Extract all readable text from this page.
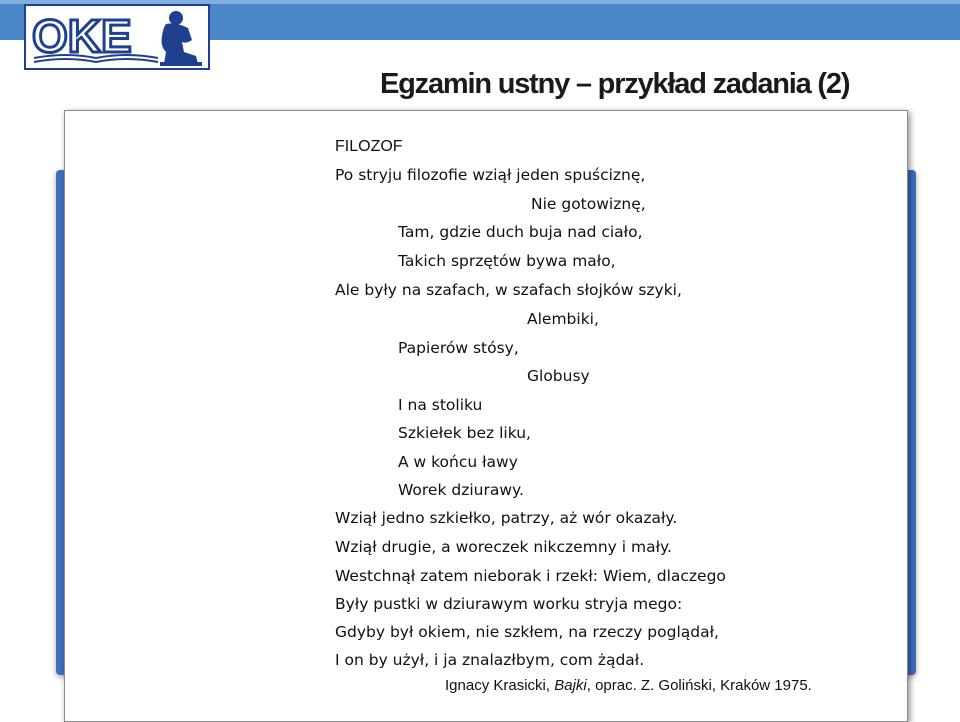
OKE
Egzamin ustny – przykład zadania (2)
FILOZOF
Po stryju filozofie wziął jeden spuściznę,
Nie gotowiznę,
Tam, gdzie duch buja nad ciało,
Takich sprzętów bywa mało,
Ale były na szafach, w szafach słojków szyki,
Alembiki,
Papierów stósy,
Globusy
I na stoliku
Szkiełek bez liku,
A w końcu ławy
Worek dziurawy.
Wziął jedno szkiełko, patrzy, aż wór okazały.
Wziął drugie, a woreczek nikczemny i mały.
Westchnął zatem nieborak i rzekł: Wiem, dlaczego
Były pustki w dziurawym worku stryja mego:
Gdyby był okiem, nie szkłem, na rzeczy poglądał,
I on by użył, i ja znalazłbym, com żądał.
Ignacy Krasicki, Bajki, oprac. Z. Goliński, Kraków 1975.
